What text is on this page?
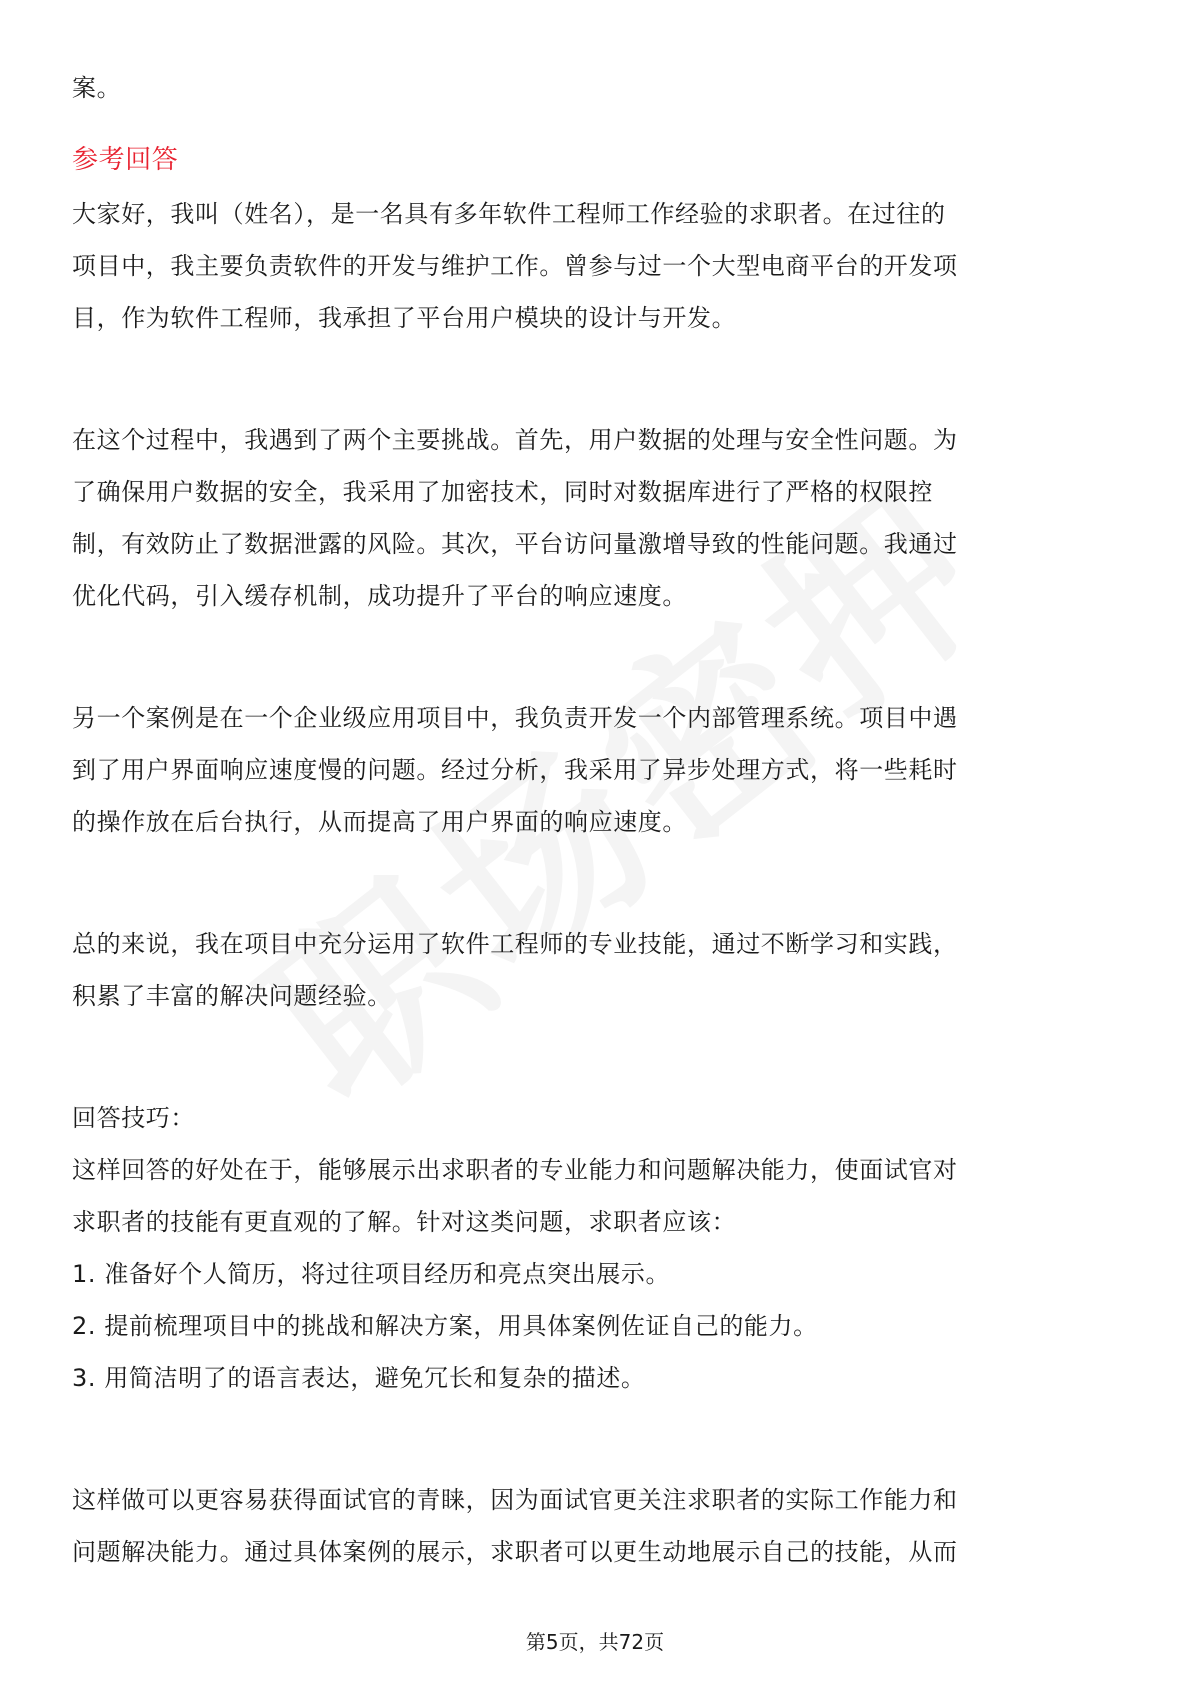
案。
参考回答
大家好，我叫（姓名），是一名具有多年软件工程师工作经验的求职者。在过往的
项目中，我主要负责软件的开发与维护工作。曾参与过一个大型电商平台的开发项
目，作为软件工程师，我承担了平台用户模块的设计与开发。
在这个过程中，我遇到了两个主要挑战。首先，用户数据的处理与安全性问题。为
了确保用户数据的安全，我采用了加密技术，同时对数据库进行了严格的权限控
制，有效防止了数据泄露的风险。其次，平台访问量激增导致的性能问题。我通过
优化代码，引入缓存机制，成功提升了平台的响应速度。
另一个案例是在一个企业级应用项目中，我负责开发一个内部管理系统。项目中遇
到了用户界面响应速度慢的问题。经过分析，我采用了异步处理方式，将一些耗时
的操作放在后台执行，从而提高了用户界面的响应速度。
总的来说，我在项目中充分运用了软件工程师的专业技能，通过不断学习和实践，
积累了丰富的解决问题经验。
回答技巧：
这样回答的好处在于，能够展示出求职者的专业能力和问题解决能力，使面试官对
求职者的技能有更直观的了解。针对这类问题，求职者应该：
1. 准备好个人简历，将过往项目经历和亮点突出展示。
2. 提前梳理项目中的挑战和解决方案，用具体案例佐证自己的能力。
3. 用简洁明了的语言表达，避免冗长和复杂的描述。
这样做可以更容易获得面试官的青睐，因为面试官更关注求职者的实际工作能力和
问题解决能力。通过具体案例的展示，求职者可以更生动地展示自己的技能，从而
第5页，共72页
